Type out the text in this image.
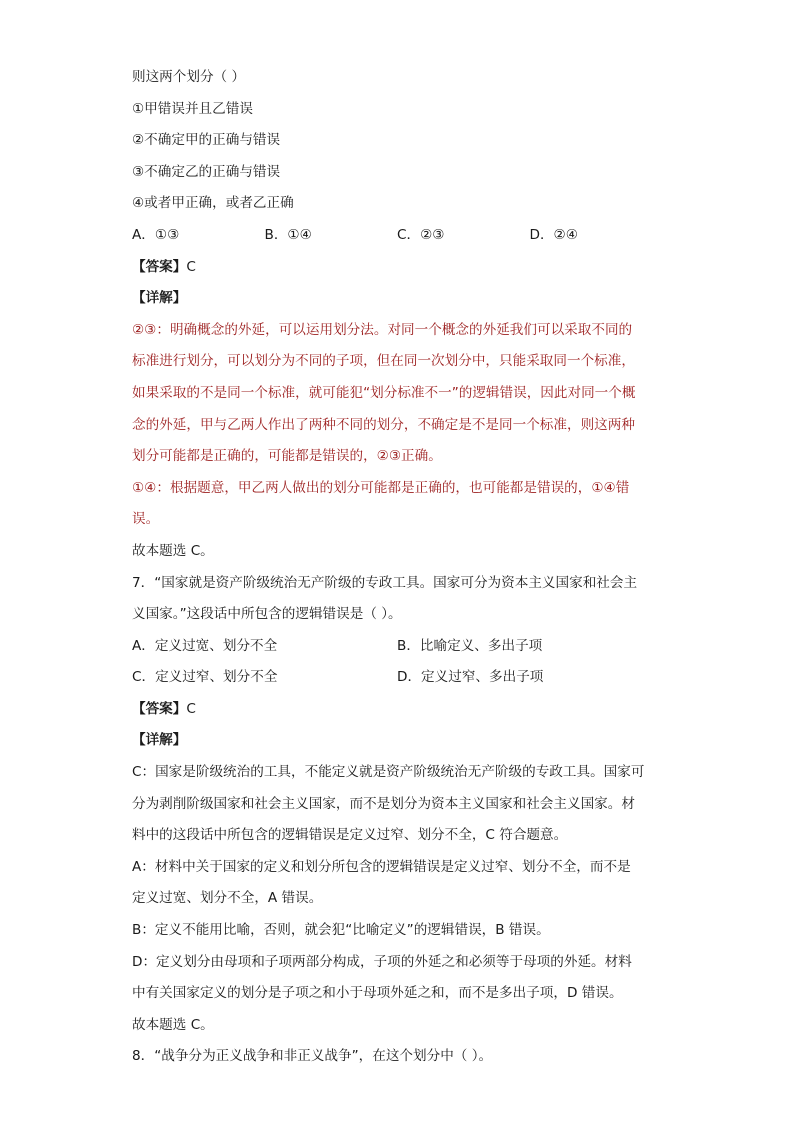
则这两个划分（ ）
①甲错误并且乙错误
②不确定甲的正确与错误
③不确定乙的正确与错误
④或者甲正确，或者乙正确
A．①③	B．①④	C．②③	D．②④
【答案】C
【详解】
②③：明确概念的外延，可以运用划分法。对同一个概念的外延我们可以采取不同的
标准进行划分，可以划分为不同的子项，但在同一次划分中，只能采取同一个标准，
如果采取的不是同一个标准，就可能犯“划分标准不一”的逻辑错误，因此对同一个概
念的外延，甲与乙两人作出了两种不同的划分，不确定是不是同一个标准，则这两种
划分可能都是正确的，可能都是错误的，②③正确。
①④：根据题意，甲乙两人做出的划分可能都是正确的，也可能都是错误的，①④错
误。
故本题选 C。
7．“国家就是资产阶级统治无产阶级的专政工具。国家可分为资本主义国家和社会主
义国家。”这段话中所包含的逻辑错误是（ ）。
A．定义过宽、划分不全	B．比喻定义、多出子项
C．定义过窄、划分不全	D．定义过窄、多出子项
【答案】C
【详解】
C：国家是阶级统治的工具，不能定义就是资产阶级统治无产阶级的专政工具。国家可
分为剥削阶级国家和社会主义国家，而不是划分为资本主义国家和社会主义国家。材
料中的这段话中所包含的逻辑错误是定义过窄、划分不全，C 符合题意。
A：材料中关于国家的定义和划分所包含的逻辑错误是定义过窄、划分不全，而不是
定义过宽、划分不全，A 错误。
B：定义不能用比喻，否则，就会犯“比喻定义”的逻辑错误，B 错误。
D：定义划分由母项和子项两部分构成，子项的外延之和必须等于母项的外延。材料
中有关国家定义的划分是子项之和小于母项外延之和，而不是多出子项，D 错误。
故本题选 C。
8．“战争分为正义战争和非正义战争”，在这个划分中（ ）。
